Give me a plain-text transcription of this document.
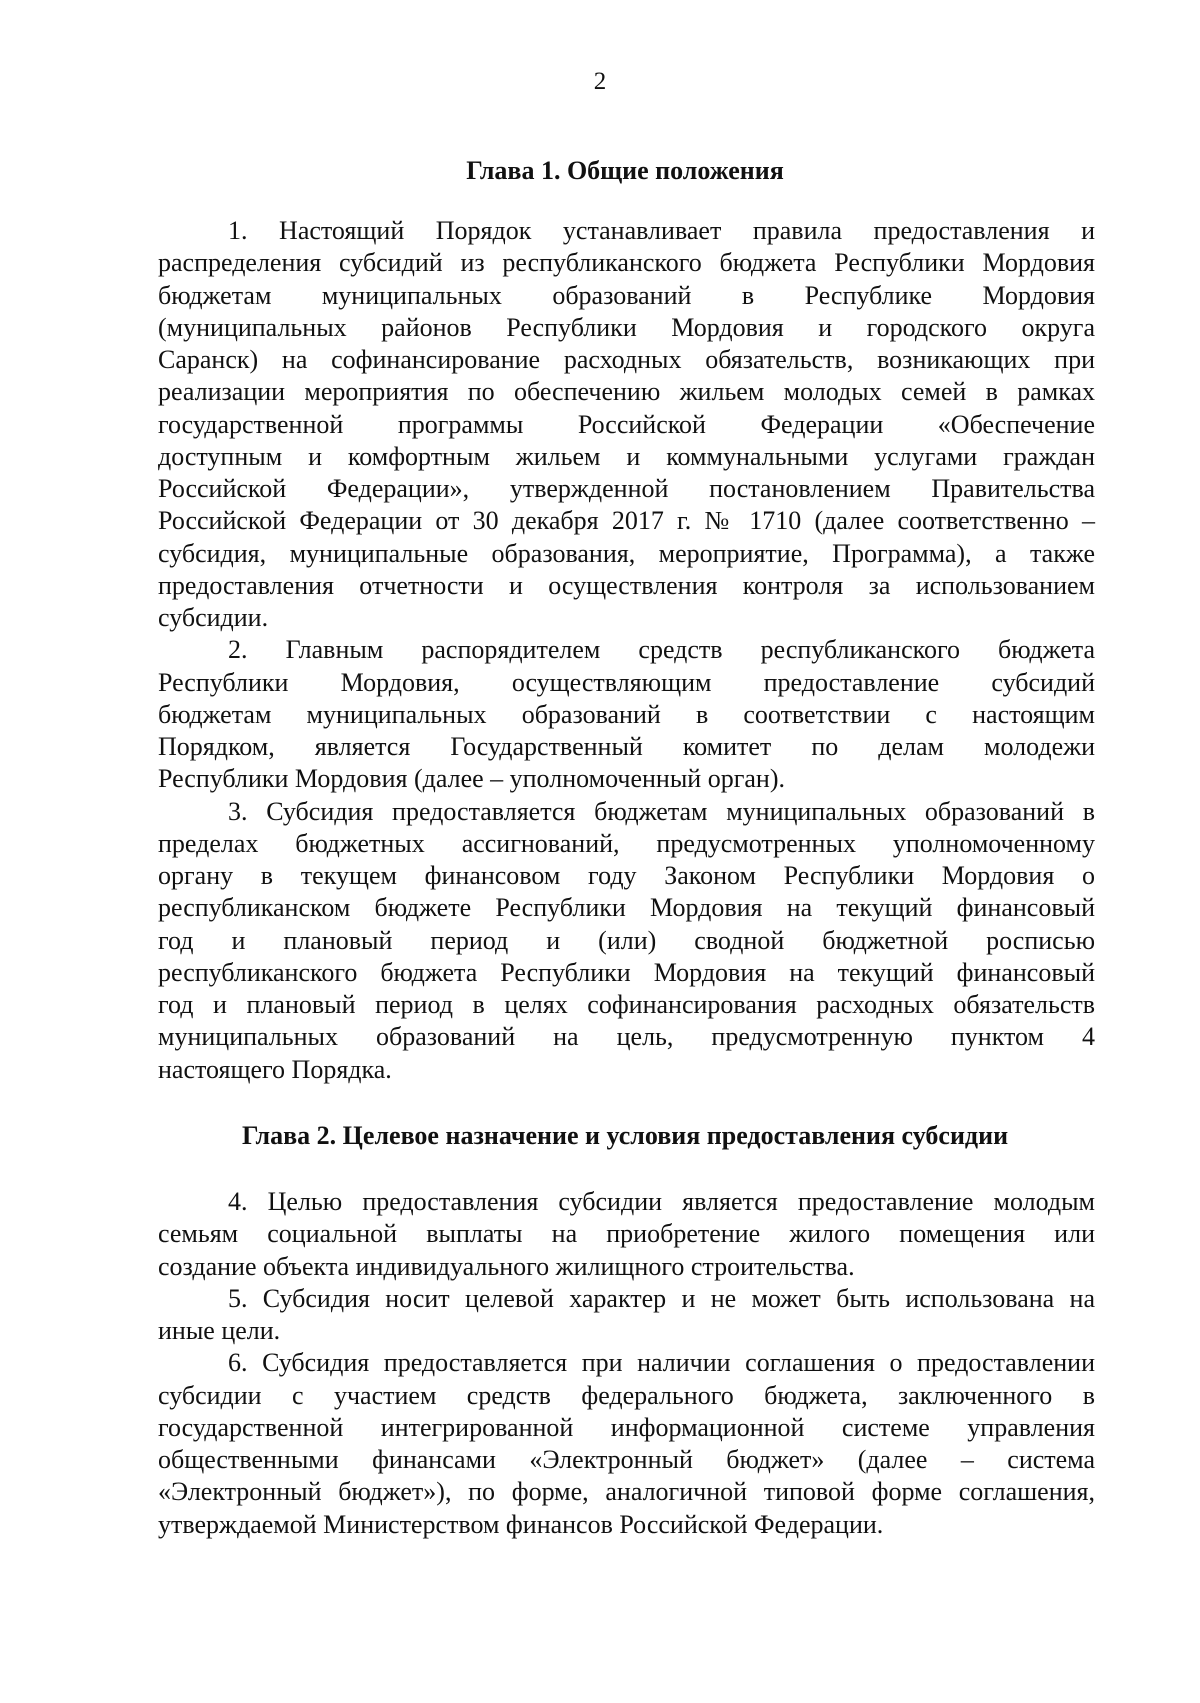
2
Глава 1. Общие положения
1. Настоящий Порядок устанавливает правила предоставления и
распределения субсидий из республиканского бюджета Республики Мордовия
бюджетам муниципальных образований в Республике Мордовия
(муниципальных районов Республики Мордовия и городского округа
Саранск) на софинансирование расходных обязательств, возникающих при
реализации мероприятия по обеспечению жильем молодых семей в рамках
государственной программы Российской Федерации «Обеспечение
доступным и комфортным жильем и коммунальными услугами граждан
Российской Федерации», утвержденной постановлением Правительства
Российской Федерации от 30 декабря 2017 г. № 1710 (далее соответственно –
субсидия, муниципальные образования, мероприятие, Программа), а также
предоставления отчетности и осуществления контроля за использованием
субсидии.
2. Главным распорядителем средств республиканского бюджета
Республики Мордовия, осуществляющим предоставление субсидий
бюджетам муниципальных образований в соответствии с настоящим
Порядком, является Государственный комитет по делам молодежи
Республики Мордовия (далее – уполномоченный орган).
3. Субсидия предоставляется бюджетам муниципальных образований в
пределах бюджетных ассигнований, предусмотренных уполномоченному
органу в текущем финансовом году Законом Республики Мордовия о
республиканском бюджете Республики Мордовия на текущий финансовый
год и плановый период и (или) сводной бюджетной росписью
республиканского бюджета Республики Мордовия на текущий финансовый
год и плановый период в целях софинансирования расходных обязательств
муниципальных образований на цель, предусмотренную пунктом 4
настоящего Порядка.
Глава 2. Целевое назначение и условия предоставления субсидии
4. Целью предоставления субсидии является предоставление молодым
семьям социальной выплаты на приобретение жилого помещения или
создание объекта индивидуального жилищного строительства.
5. Субсидия носит целевой характер и не может быть использована на
иные цели.
6. Субсидия предоставляется при наличии соглашения о предоставлении
субсидии с участием средств федерального бюджета, заключенного в
государственной интегрированной информационной системе управления
общественными финансами «Электронный бюджет» (далее – система
«Электронный бюджет»), по форме, аналогичной типовой форме соглашения,
утверждаемой Министерством финансов Российской Федерации.
